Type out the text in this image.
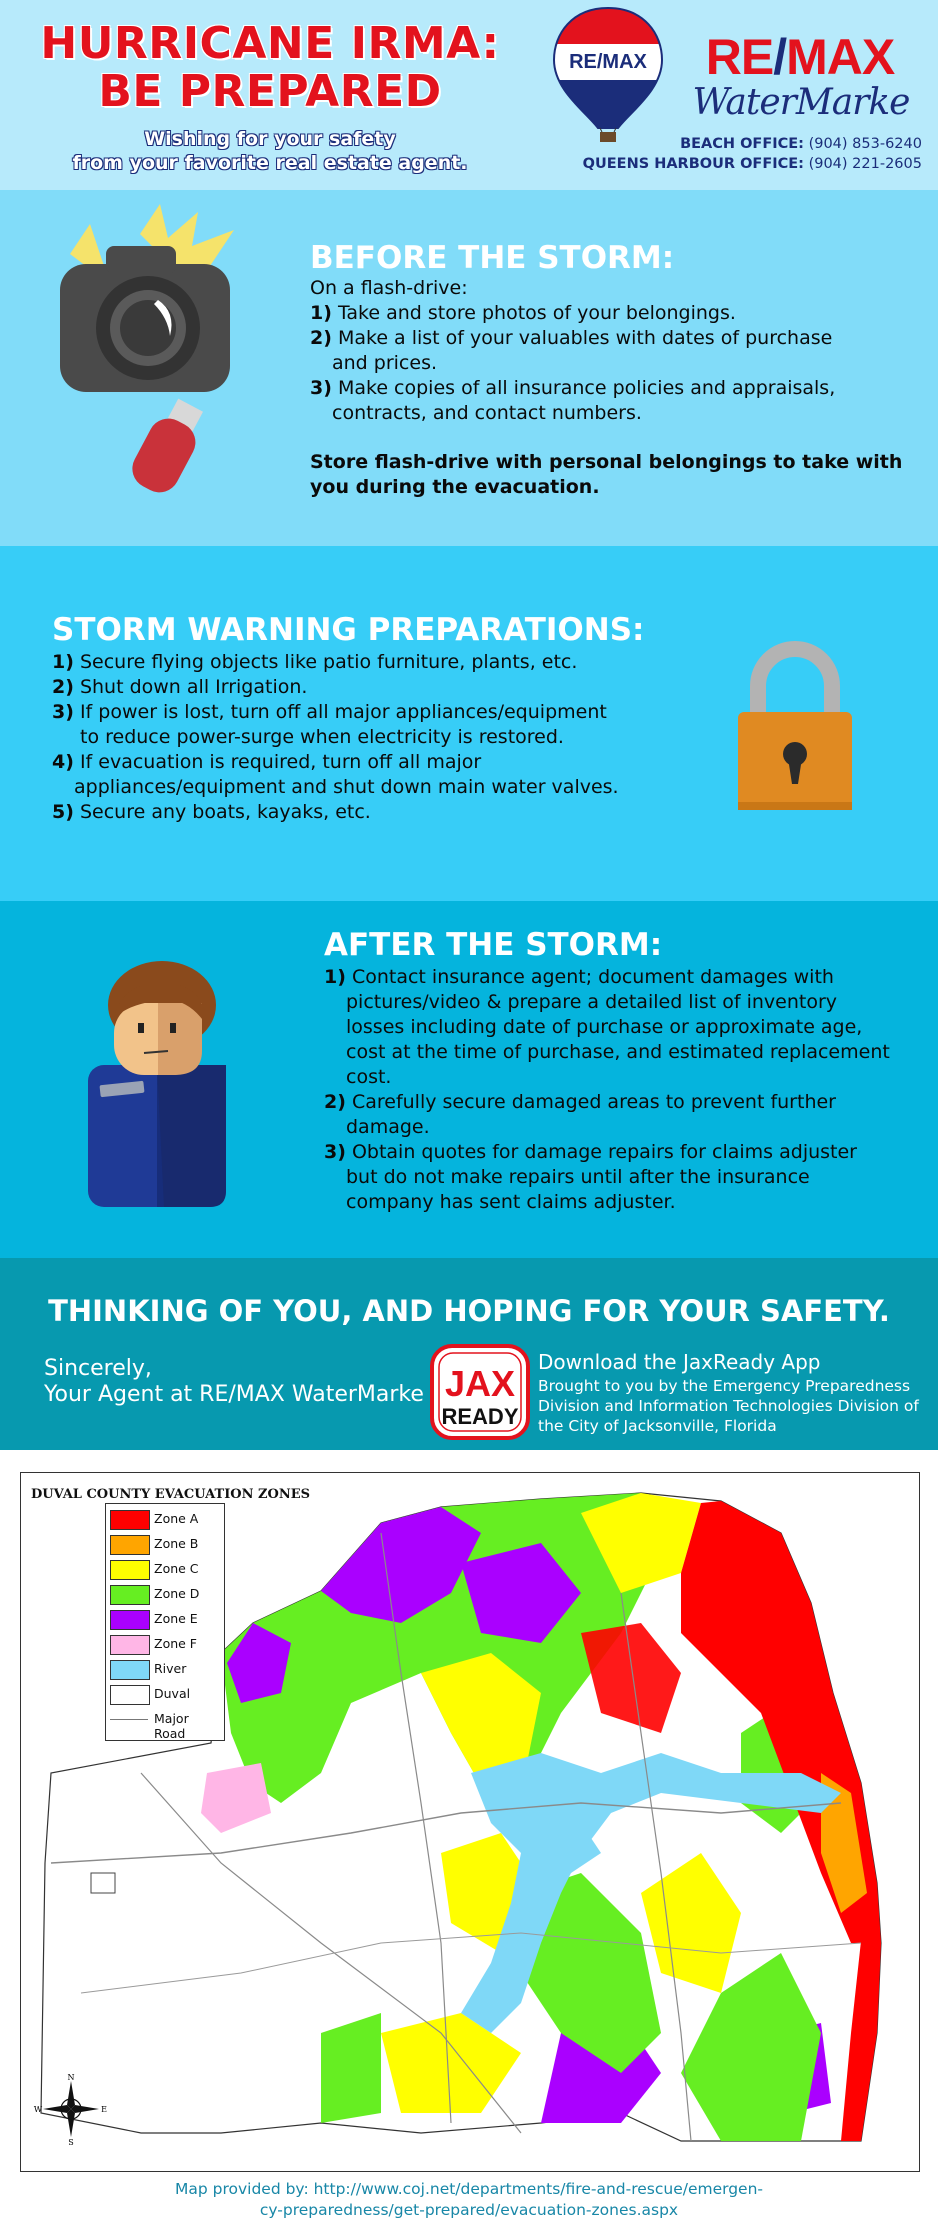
HURRICANE IRMA:
BE PREPARED
Wishing for your safety
from your favorite real estate agent.
RE/MAX	RE/MAX
WaterMarke
BEACH OFFICE: (904) 853-6240
QUEENS HARBOUR OFFICE: (904) 221-2605
BEFORE THE STORM:

On a flash-drive:

1) Take and store photos of your belongings.

2) Make a list of your valuables with dates of purchase

and prices.

3) Make copies of all insurance policies and appraisals,

contracts, and contact numbers.

Store flash-drive with personal belongings to take with
you during the evacuation.
STORM WARNING PREPARATIONS:

1) Secure flying objects like patio furniture, plants, etc.

2) Shut down all Irrigation.

3) If power is lost, turn off all major appliances/equipment

to reduce power-surge when electricity is restored.

4) If evacuation is required, turn off all major

appliances/equipment and shut down main water valves.

5) Secure any boats, kayaks, etc.

AFTER THE STORM:

1) Contact insurance agent; document damages with

pictures/video & prepare a detailed list of inventory

losses including date of purchase or approximate age,

cost at the time of purchase, and estimated replacement

cost.

2) Carefully secure damaged areas to prevent further

damage.

3) Obtain quotes for damage repairs for claims adjuster

but do not make repairs until after the insurance

company has sent claims adjuster.

THINKING OF YOU, AND HOPING FOR YOUR SAFETY.
Sincerely,
Your Agent at RE/MAX WaterMarke JAX
READY
Download the JaxReady App
Brought to you by the Emergency Preparedness Division and Information Technologies Division of the City of Jacksonville, Florida
DUVAL COUNTY EVACUATION ZONES
Zone A
Zone B
Zone C
Zone D
Zone E
Zone F
River
Duval
Major Road
N
S
W	E
Map provided by: http://www.coj.net/departments/fire-and-rescue/emergen-
cy-preparedness/get-prepared/evacuation-zones.aspx
